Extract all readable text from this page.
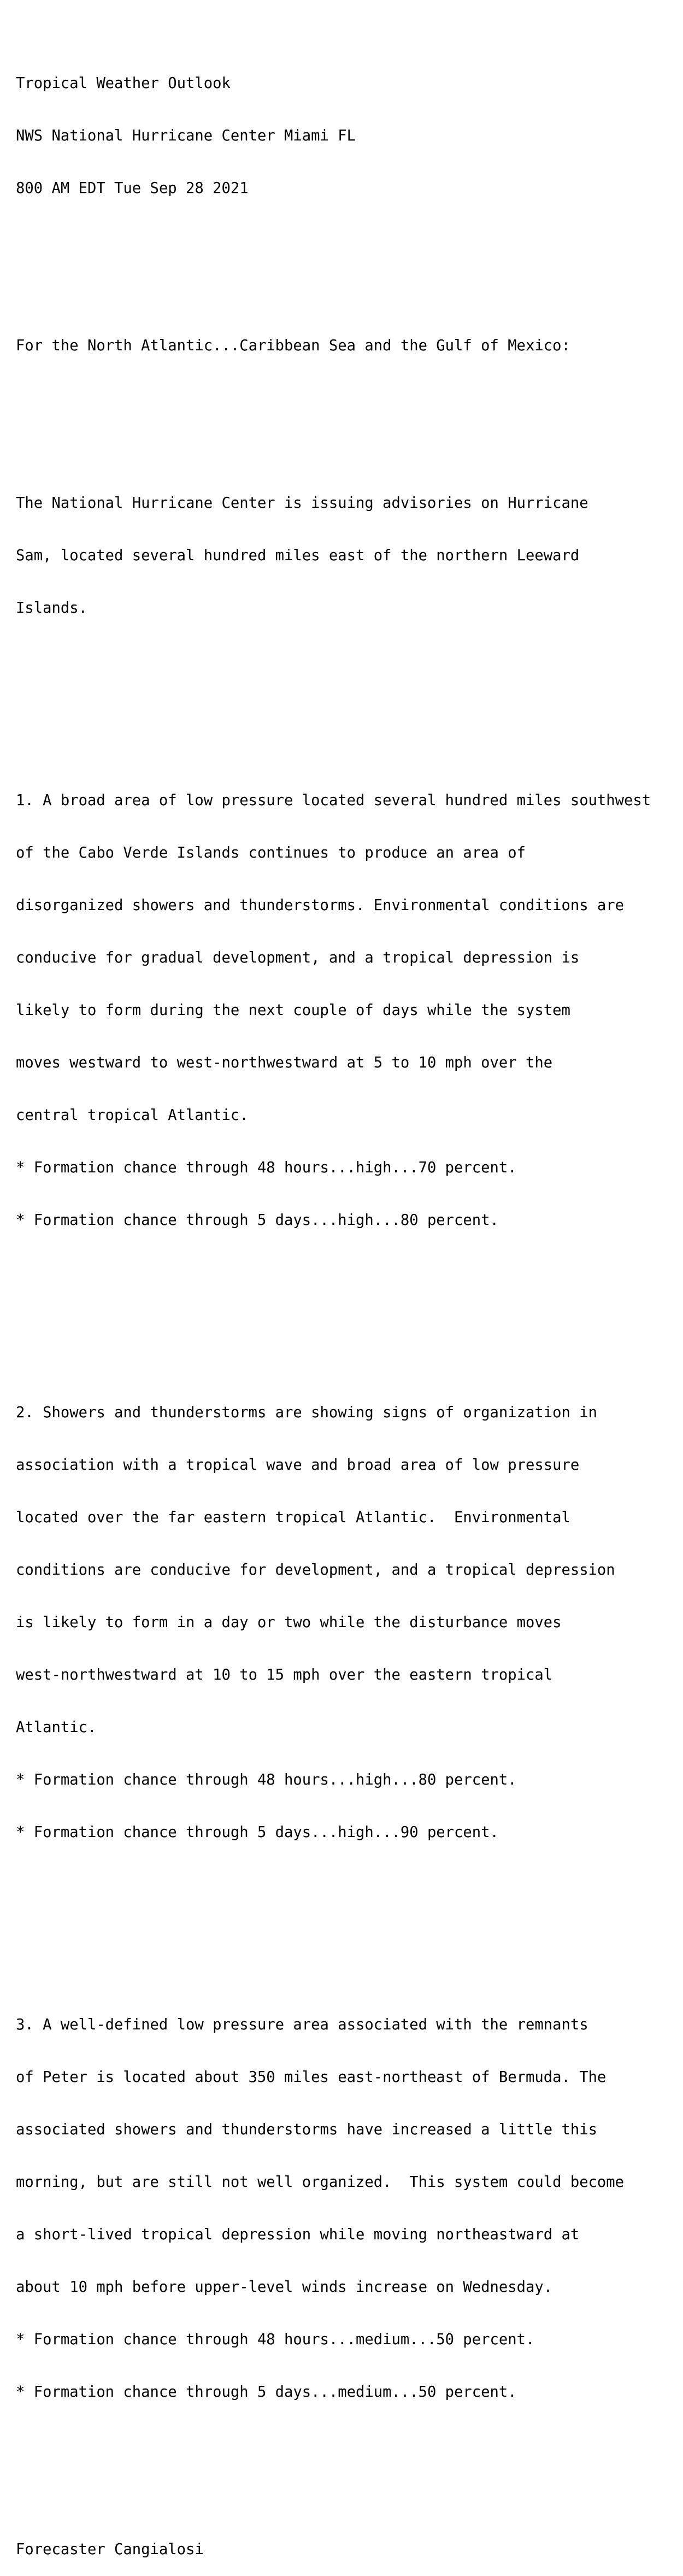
Tropical Weather Outlook

NWS National Hurricane Center Miami FL

800 AM EDT Tue Sep 28 2021

For the North Atlantic...Caribbean Sea and the Gulf of Mexico:

The National Hurricane Center is issuing advisories on Hurricane

Sam, located several hundred miles east of the northern Leeward

Islands.

1. A broad area of low pressure located several hundred miles southwest

of the Cabo Verde Islands continues to produce an area of

disorganized showers and thunderstorms. Environmental conditions are

conducive for gradual development, and a tropical depression is

likely to form during the next couple of days while the system

moves westward to west-northwestward at 5 to 10 mph over the

central tropical Atlantic.

* Formation chance through 48 hours...high...70 percent.

* Formation chance through 5 days...high...80 percent.

2. Showers and thunderstorms are showing signs of organization in

association with a tropical wave and broad area of low pressure

located over the far eastern tropical Atlantic.  Environmental

conditions are conducive for development, and a tropical depression

is likely to form in a day or two while the disturbance moves

west-northwestward at 10 to 15 mph over the eastern tropical

Atlantic.

* Formation chance through 48 hours...high...80 percent.

* Formation chance through 5 days...high...90 percent.

3. A well-defined low pressure area associated with the remnants

of Peter is located about 350 miles east-northeast of Bermuda. The

associated showers and thunderstorms have increased a little this

morning, but are still not well organized.  This system could become

a short-lived tropical depression while moving northeastward at

about 10 mph before upper-level winds increase on Wednesday.

* Formation chance through 48 hours...medium...50 percent.

* Formation chance through 5 days...medium...50 percent.

Forecaster Cangialosi
